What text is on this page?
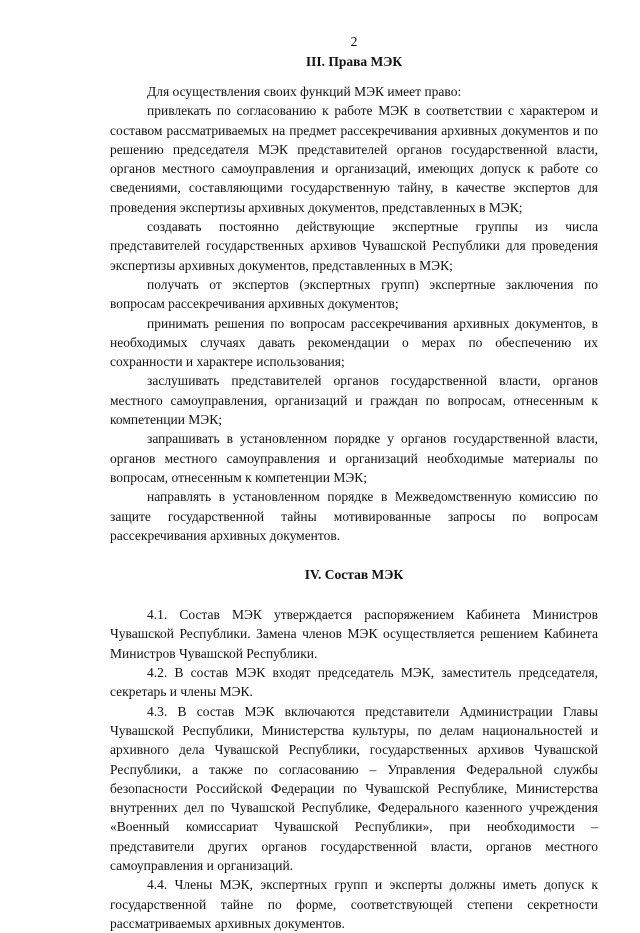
2
III. Права МЭК

Для осуществления своих функций МЭК имеет право:

привлекать по согласованию к работе МЭК в соответствии с характером и составом рассматриваемых на предмет рассекречивания архивных документов и по решению председателя МЭК представителей органов государственной власти, органов местного самоуправления и организаций, имеющих допуск к работе со сведениями, составляющими государственную тайну, в качестве экспертов для проведения экспертизы архивных документов, представленных в МЭК;

создавать постоянно действующие экспертные группы из числа представителей государственных архивов Чувашской Республики для проведения экспертизы архивных документов, представленных в МЭК;

получать от экспертов (экспертных групп) экспертные заключения по вопросам рассекречивания архивных документов;

принимать решения по вопросам рассекречивания архивных документов, в необходимых случаях давать рекомендации о мерах по обеспечению их сохранности и характере использования;

заслушивать представителей органов государственной власти, органов местного самоуправления, организаций и граждан по вопросам, отнесенным к компетенции МЭК;

запрашивать в установленном порядке у органов государственной власти, органов местного самоуправления и организаций необходимые материалы по вопросам, отнесенным к компетенции МЭК;

направлять в установленном порядке в Межведомственную комиссию по защите государственной тайны мотивированные запросы по вопросам рассекречивания архивных документов.

IV. Состав МЭК

4.1. Состав МЭК утверждается распоряжением Кабинета Министров Чувашской Республики. Замена членов МЭК осуществляется решением Кабинета Министров Чувашской Республики.

4.2. В состав МЭК входят председатель МЭК, заместитель председателя, секретарь и члены МЭК.

4.3. В состав МЭК включаются представители Администрации Главы Чувашской Республики, Министерства культуры, по делам национальностей и архивного дела Чувашской Республики, государственных архивов Чувашской Республики, а также по согласованию – Управления Федеральной службы безопасности Российской Федерации по Чувашской Республике, Министерства внутренних дел по Чувашской Республике, Федерального казенного учреждения «Военный комиссариат Чувашской Республики», при необходимости – представители других органов государственной власти, органов местного самоуправления и организаций.

4.4. Члены МЭК, экспертных групп и эксперты должны иметь допуск к государственной тайне по форме, соответствующей степени секретности рассматриваемых архивных документов.
